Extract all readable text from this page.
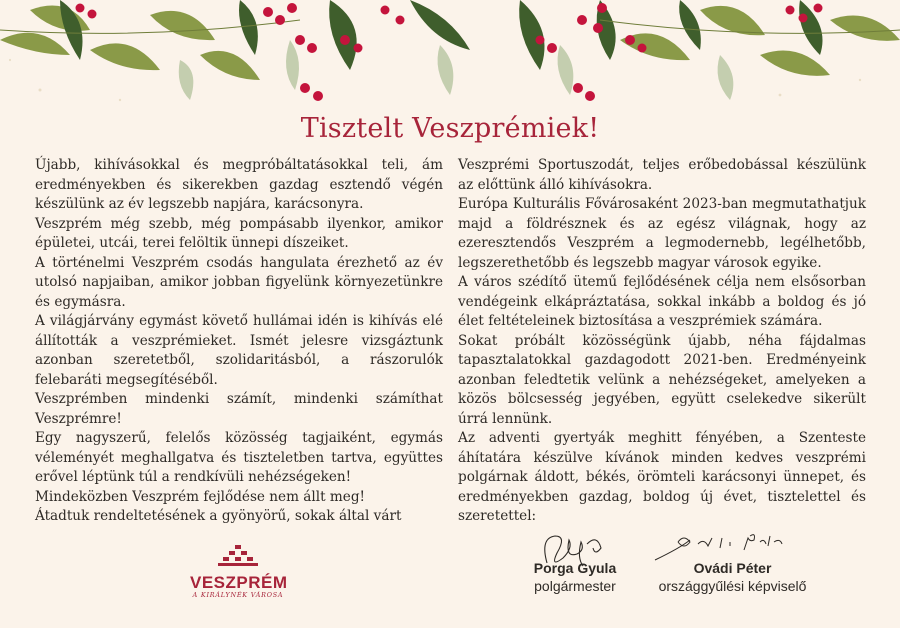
Tisztelt Veszprémiek!

Újabb, kihívásokkal és megpróbáltatásokkal teli, ám eredményekben és sikerekben gazdag esztendő végén készülünk az év legszebb napjára, karácsonyra.

Veszprém még szebb, még pompásabb ilyenkor, amikor épületei, utcái, terei felöltik ünnepi díszeiket.

A történelmi Veszprém csodás hangulata érezhető az év utolsó napjaiban, amikor jobban figyelünk környezetünkre és egymásra.

A világjárvány egymást követő hullámai idén is kihívás elé állították a veszprémieket. Ismét jelesre vizsgáztunk azonban szeretetből, szolidaritásból, a rászorulók felebaráti megsegítéséből.

Veszprémben mindenki számít, mindenki számíthat Veszprémre!

Egy nagyszerű, felelős közösség tagjaiként, egymás véleményét meghallgatva és tiszteletben tartva, együttes erővel léptünk túl a rendkívüli nehézségeken!

Mindeközben Veszprém fejlődése nem állt meg!

Átadtuk rendeltetésének a gyönyörű, sokak által várt

Veszprémi Sportuszodát, teljes erőbedobással készülünk az előttünk álló kihívásokra.

Európa Kulturális Fővárosaként 2023-ban megmutathatjuk majd a földrésznek és az egész világnak, hogy az ezeresztendős Veszprém a legmodernebb, legélhetőbb, legszerethetőbb és legszebb magyar városok egyike.

A város szédítő ütemű fejlődésének célja nem elsősorban vendégeink elkápráztatása, sokkal inkább a boldog és jó élet feltételeinek biztosítása a veszprémiek számára.

Sokat próbált közösségünk újabb, néha fájdalmas tapasztalatokkal gazdagodott 2021-ben. Eredményeink azonban feledtetik velünk a nehézségeket, amelyeken a közös bölcsesség jegyében, együtt cselekedve sikerült úrrá lennünk.

Az adventi gyertyák meghitt fényében, a Szenteste áhítatára készülve kívánok minden kedves veszprémi polgárnak áldott, békés, örömteli karácsonyi ünnepet, és eredményekben gazdag, boldog új évet, tisztelettel és szeretettel:

VESZPRÉM
A KIRÁLYNÉK VÁROSA
Porga Gyula
polgármester
Ovádi Péter
országgyűlési képviselő
